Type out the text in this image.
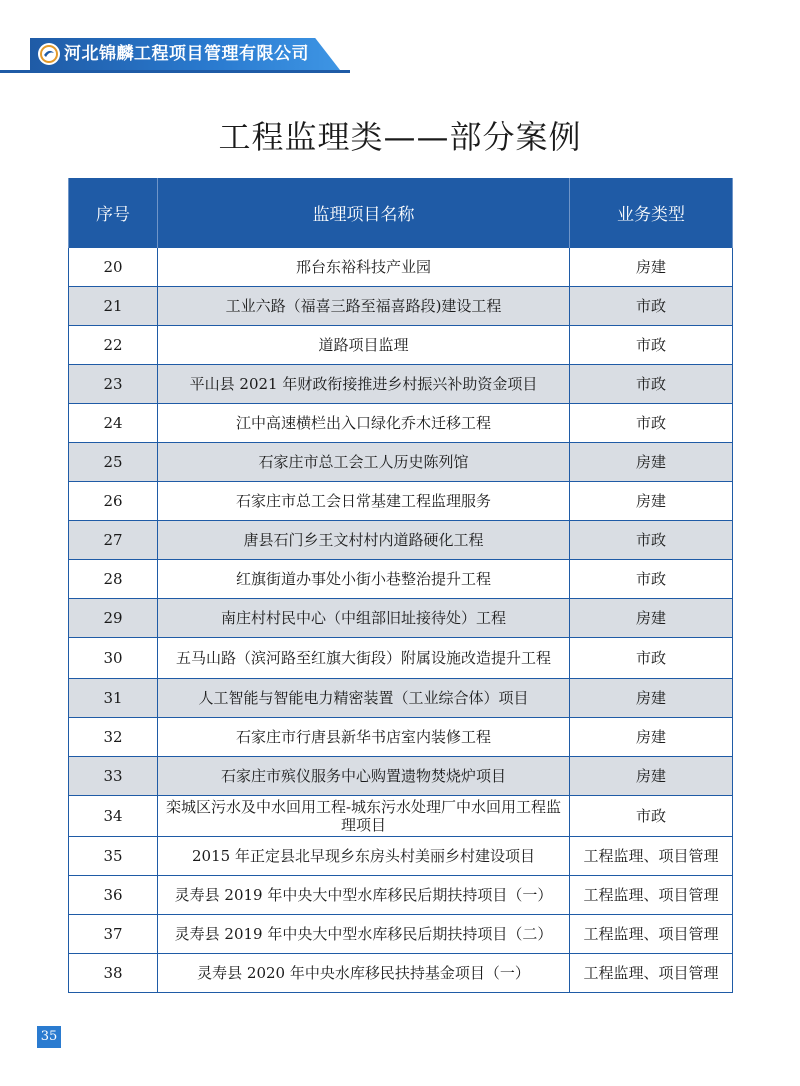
河北锦麟工程项目管理有限公司
工程监理类——部分案例
序号	监理项目名称	业务类型
20	邢台东裕科技产业园	房建
21	工业六路（福喜三路至福喜路段)建设工程	市政
22	道路项目监理	市政
23	平山县 2021 年财政衔接推进乡村振兴补助资金项目	市政
24	江中高速横栏出入口绿化乔木迁移工程	市政
25	石家庄市总工会工人历史陈列馆	房建
26	石家庄市总工会日常基建工程监理服务	房建
27	唐县石门乡王文村村内道路硬化工程	市政
28	红旗街道办事处小街小巷整治提升工程	市政
29	南庄村村民中心（中组部旧址接待处）工程	房建
30	五马山路（滨河路至红旗大街段）附属设施改造提升工程	市政
31	人工智能与智能电力精密装置（工业综合体）项目	房建
32	石家庄市行唐县新华书店室内装修工程	房建
33	石家庄市殡仪服务中心购置遗物焚烧炉项目	房建
34	栾城区污水及中水回用工程-城东污水处理厂中水回用工程监理项目	市政
35	2015 年正定县北早现乡东房头村美丽乡村建设项目	工程监理、项目管理
36	灵寿县 2019 年中央大中型水库移民后期扶持项目（一）	工程监理、项目管理
37	灵寿县 2019 年中央大中型水库移民后期扶持项目（二）	工程监理、项目管理
38	灵寿县 2020 年中央水库移民扶持基金项目（一）	工程监理、项目管理
35
